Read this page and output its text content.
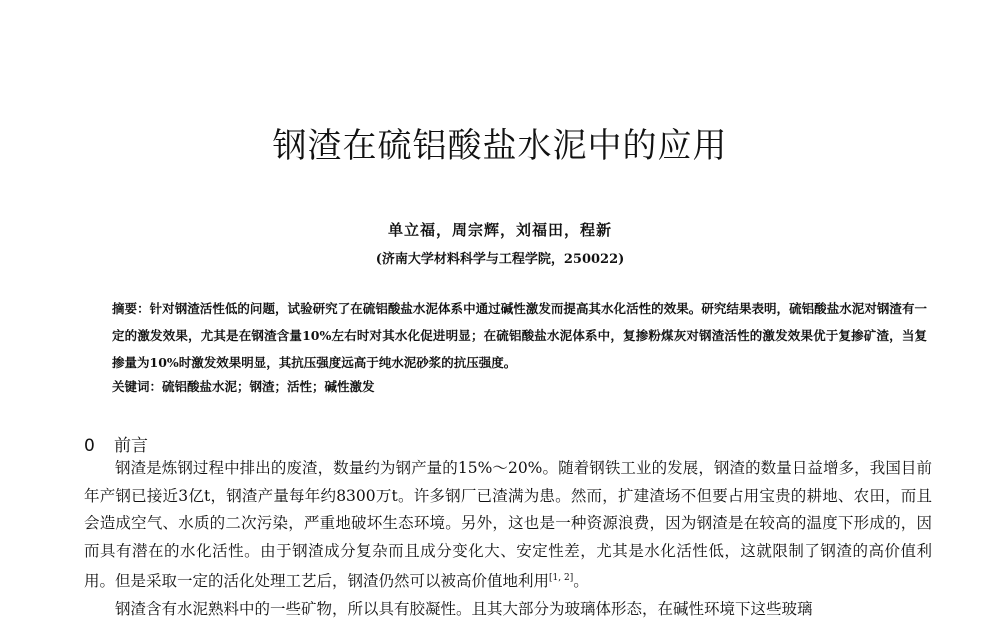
钢渣在硫铝酸盐水泥中的应用
单立福，周宗辉，刘福田，程新
(济南大学材料科学与工程学院，250022)
摘要：针对钢渣活性低的问题，试验研究了在硫铝酸盐水泥体系中通过碱性激发而提高其水化活性的效果。研究结果表明，硫铝酸盐水泥对钢渣有一定的激发效果，尤其是在钢渣含量10%左右时对其水化促进明显；在硫铝酸盐水泥体系中，复掺粉煤灰对钢渣活性的激发效果优于复掺矿渣，当复掺量为10%时激发效果明显，其抗压强度远高于纯水泥砂浆的抗压强度。
关键词：硫铝酸盐水泥；钢渣；活性；碱性激发
0 前言

钢渣是炼钢过程中排出的废渣，数量约为钢产量的15%～20%。随着钢铁工业的发展，钢渣的数量日益增多，我国目前年产钢已接近3亿t，钢渣产量每年约8300万t。许多钢厂已渣满为患。然而，扩建渣场不但要占用宝贵的耕地、农田，而且会造成空气、水质的二次污染，严重地破坏生态环境。另外，这也是一种资源浪费，因为钢渣是在较高的温度下形成的，因而具有潜在的水化活性。由于钢渣成分复杂而且成分变化大、安定性差，尤其是水化活性低，这就限制了钢渣的高价值利用。但是采取一定的活化处理工艺后，钢渣仍然可以被高价值地利用[1, 2]。

钢渣含有水泥熟料中的一些矿物，所以具有胶凝性。且其大部分为玻璃体形态，在碱性环境下这些玻璃
